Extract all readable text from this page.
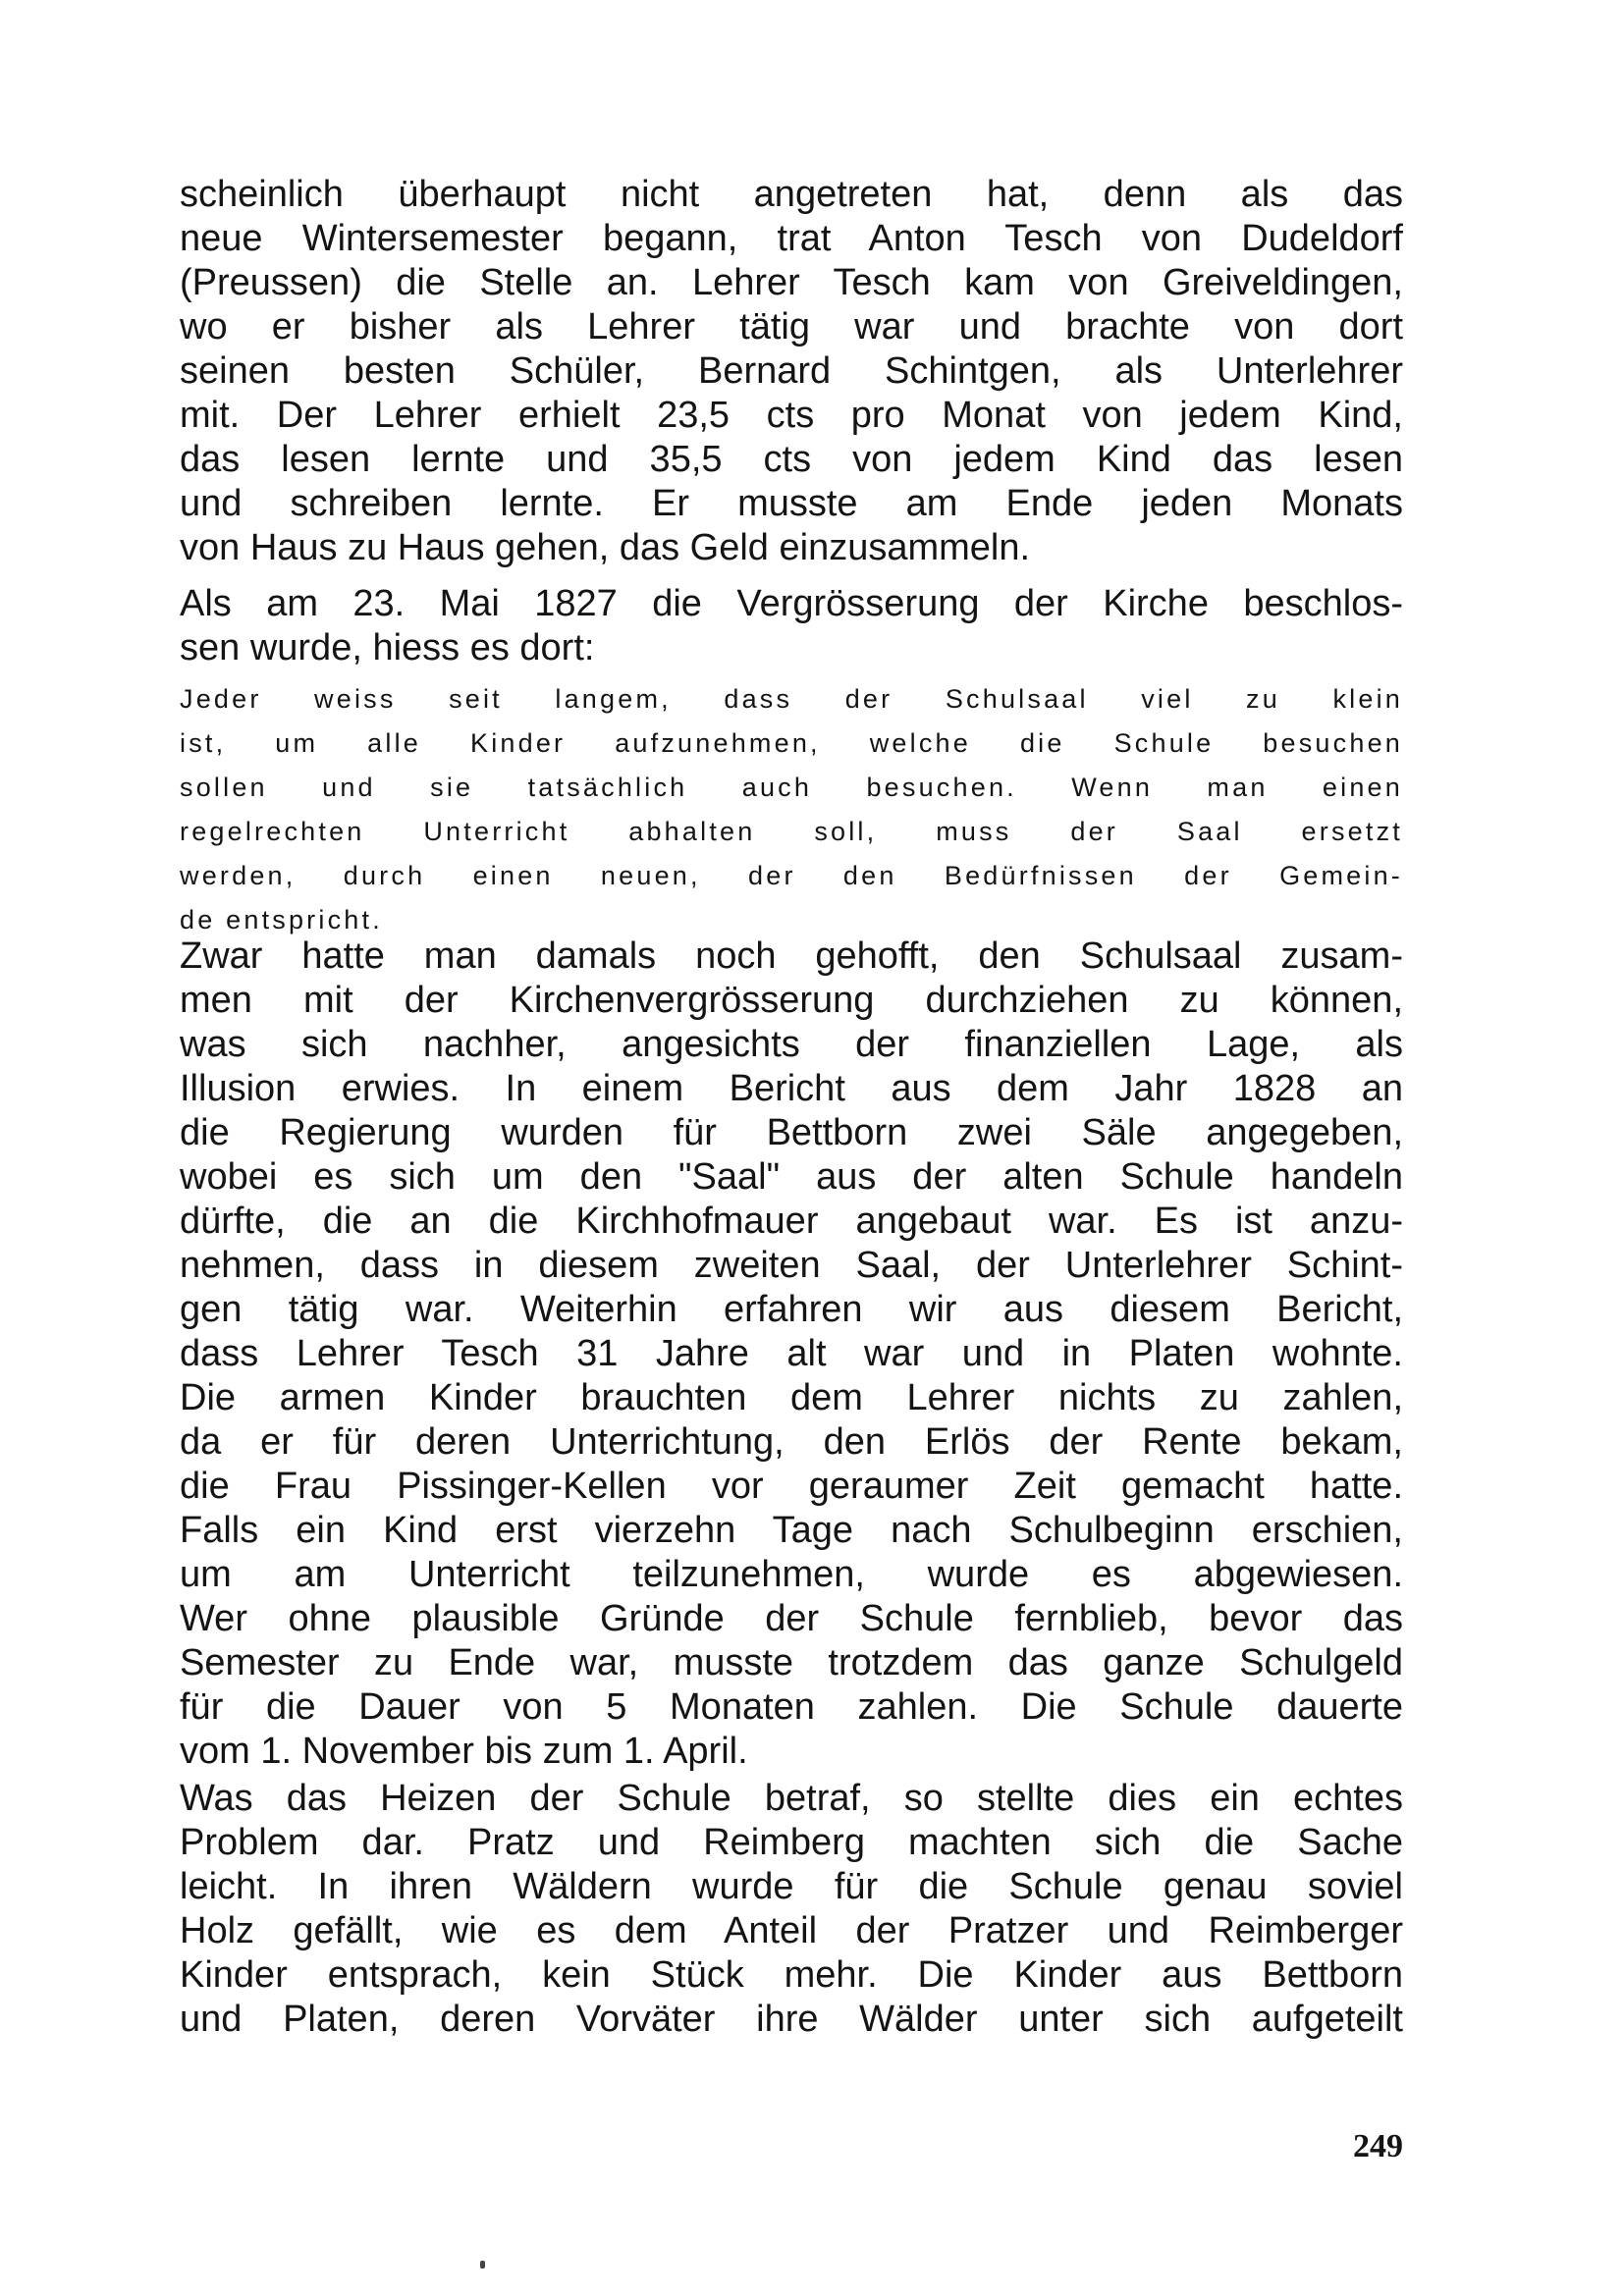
scheinlich überhaupt nicht angetreten hat, denn als das
neue Wintersemester begann, trat Anton Tesch von Dudeldorf
(Preussen) die Stelle an. Lehrer Tesch kam von Greiveldingen,
wo er bisher als Lehrer tätig war und brachte von dort
seinen besten Schüler, Bernard Schintgen, als Unterlehrer
mit. Der Lehrer erhielt 23,5 cts pro Monat von jedem Kind,
das lesen lernte und 35,5 cts von jedem Kind das lesen
und schreiben lernte. Er musste am Ende jeden Monats
von Haus zu Haus gehen, das Geld einzusammeln.
Als am 23. Mai 1827 die Vergrösserung der Kirche beschlos-
sen wurde, hiess es dort:
Jeder weiss seit langem, dass der Schulsaal viel zu klein
ist, um alle Kinder aufzunehmen, welche die Schule besuchen
sollen und sie tatsächlich auch besuchen. Wenn man einen
regelrechten Unterricht abhalten soll, muss der Saal ersetzt
werden, durch einen neuen, der den Bedürfnissen der Gemein-
de entspricht.
Zwar hatte man damals noch gehofft, den Schulsaal zusam-
men mit der Kirchenvergrösserung durchziehen zu können,
was sich nachher, angesichts der finanziellen Lage, als
Illusion erwies. In einem Bericht aus dem Jahr 1828 an
die Regierung wurden für Bettborn zwei Säle angegeben,
wobei es sich um den "Saal" aus der alten Schule handeln
dürfte, die an die Kirchhofmauer angebaut war. Es ist anzu-
nehmen, dass in diesem zweiten Saal, der Unterlehrer Schint-
gen tätig war. Weiterhin erfahren wir aus diesem Bericht,
dass Lehrer Tesch 31 Jahre alt war und in Platen wohnte.
Die armen Kinder brauchten dem Lehrer nichts zu zahlen,
da er für deren Unterrichtung, den Erlös der Rente bekam,
die Frau Pissinger-Kellen vor geraumer Zeit gemacht hatte.
Falls ein Kind erst vierzehn Tage nach Schulbeginn erschien,
um am Unterricht teilzunehmen, wurde es abgewiesen.
Wer ohne plausible Gründe der Schule fernblieb, bevor das
Semester zu Ende war, musste trotzdem das ganze Schulgeld
für die Dauer von 5 Monaten zahlen. Die Schule dauerte
vom 1. November bis zum 1. April.
Was das Heizen der Schule betraf, so stellte dies ein echtes
Problem dar. Pratz und Reimberg machten sich die Sache
leicht. In ihren Wäldern wurde für die Schule genau soviel
Holz gefällt, wie es dem Anteil der Pratzer und Reimberger
Kinder entsprach, kein Stück mehr. Die Kinder aus Bettborn
und Platen, deren Vorväter ihre Wälder unter sich aufgeteilt
249
